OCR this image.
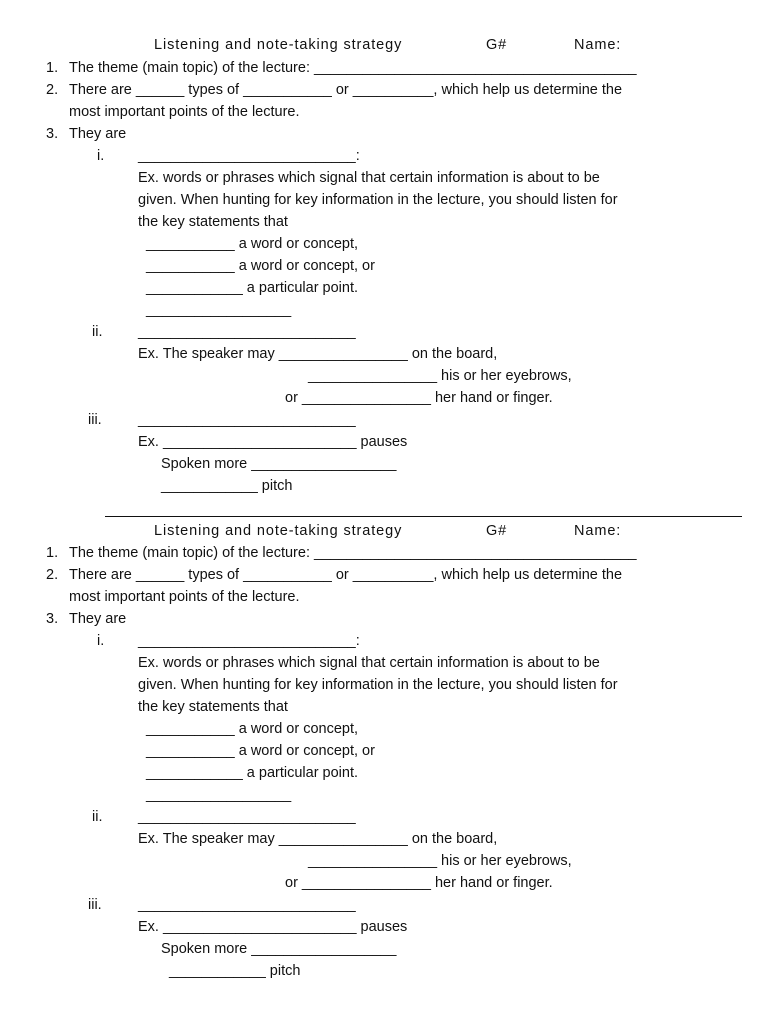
Listening and note-taking strategy	G#	Name:
1. The theme (main topic) of the lecture: ________________________________________
2. There are ______ types of ___________ or __________, which help us determine the
most important points of the lecture.
3. They are
i. ___________________________:
Ex. words or phrases which signal that certain information is about to be
given. When hunting for key information in the lecture, you should listen for
the key statements that
___________ a word or concept,
___________ a word or concept, or
____________ a particular point.
__________________
ii. ___________________________
Ex. The speaker may ________________ on the board,
________________ his or her eyebrows,
or ________________ her hand or finger.
iii.	___________________________
Ex. ________________________ pauses
Spoken more __________________
____________ pitch
Listening and note-taking strategy	G#	Name:
1. The theme (main topic) of the lecture: ________________________________________
2. There are ______ types of ___________ or __________, which help us determine the
most important points of the lecture.
3. They are
i. ___________________________:
Ex. words or phrases which signal that certain information is about to be
given. When hunting for key information in the lecture, you should listen for
the key statements that
___________ a word or concept,
___________ a word or concept, or
____________ a particular point.
__________________
ii. ___________________________
Ex. The speaker may ________________ on the board,
________________ his or her eyebrows,
or ________________ her hand or finger.
iii.	___________________________
Ex. ________________________ pauses
Spoken more __________________
____________ pitch
